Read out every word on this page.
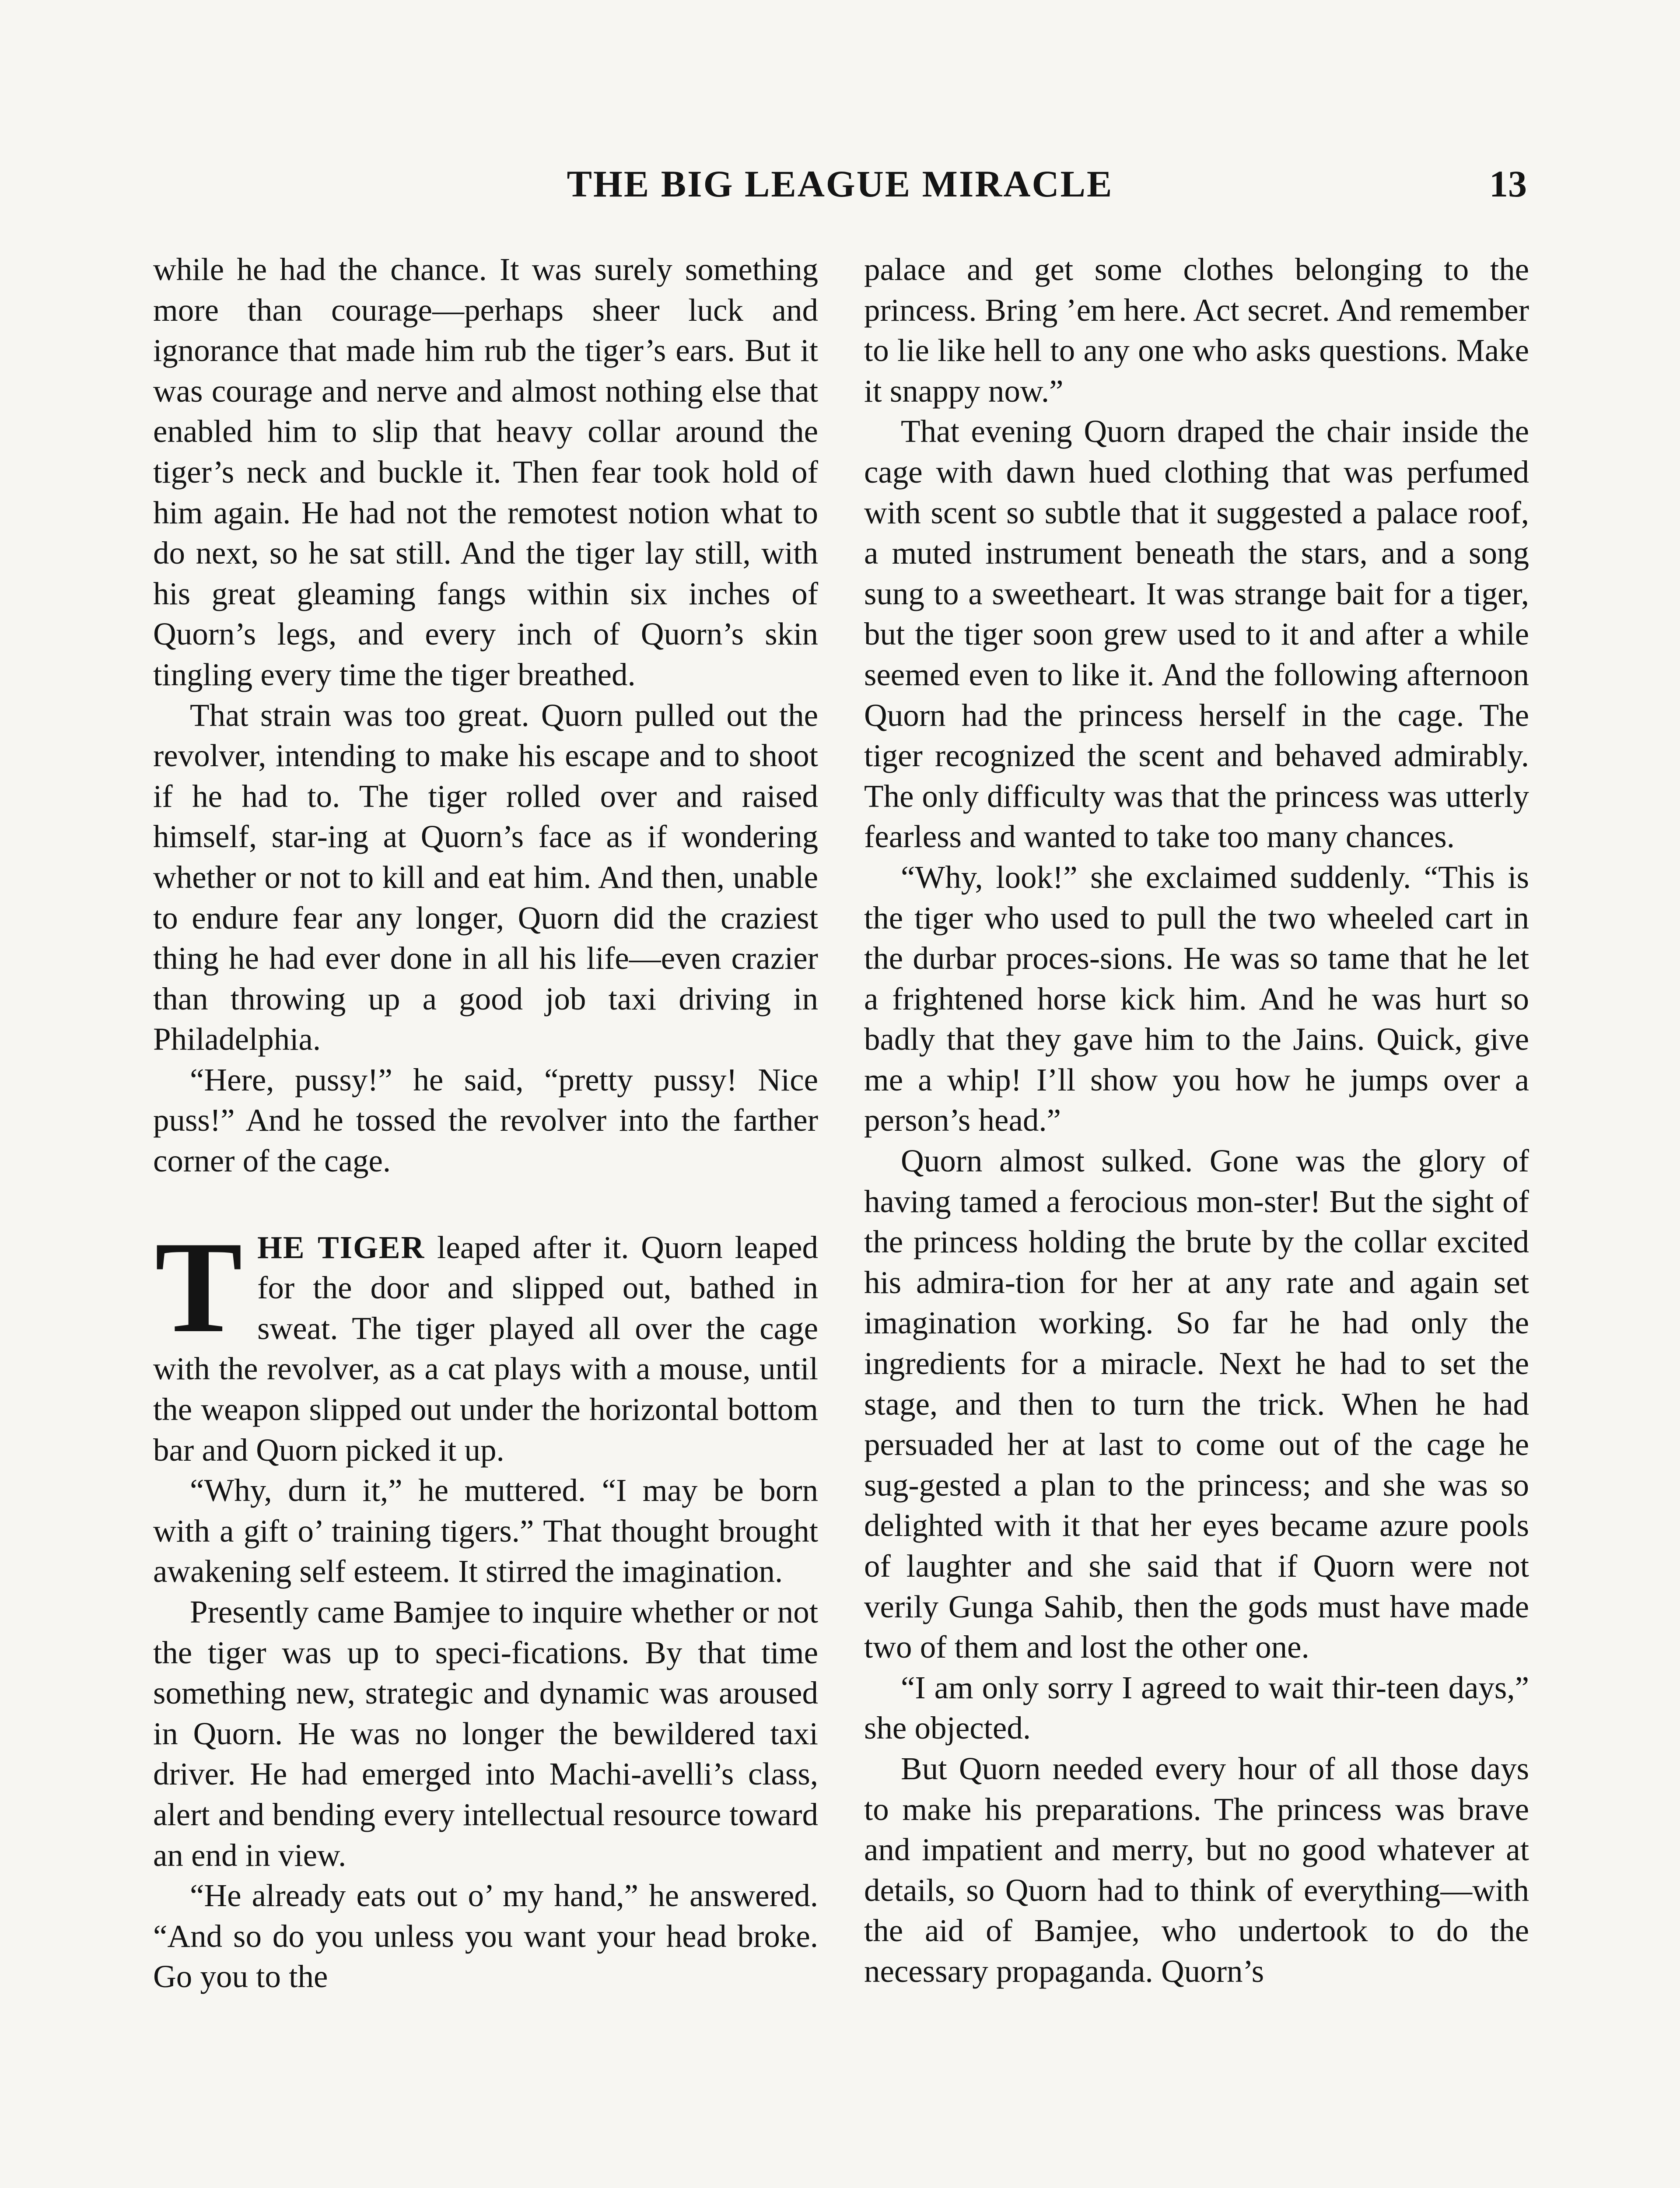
THE BIG LEAGUE MIRACLE	13

while he had the chance. It was surely something more than courage—perhaps sheer luck and ignorance that made him rub the tiger’s ears. But it was courage and nerve and almost nothing else that enabled him to slip that heavy collar around the tiger’s neck and buckle it. Then fear took hold of him again. He had not the remotest notion what to do next, so he sat still. And the tiger lay still, with his great gleaming fangs within six inches of Quorn’s legs, and every inch of Quorn’s skin tingling every time the tiger breathed.

That strain was too great. Quorn pulled out the revolver, intending to make his escape and to shoot if he had to. The tiger rolled over and raised himself, star-ing at Quorn’s face as if wondering whether or not to kill and eat him. And then, unable to endure fear any longer, Quorn did the craziest thing he had ever done in all his life—even crazier than throwing up a good job taxi driving in Philadelphia.

“Here, pussy!” he said, “pretty pussy! Nice puss!” And he tossed the revolver into the farther corner of the cage.

THE TIGER leaped after it. Quorn leaped for the door and slipped out, bathed in sweat. The tiger played all over the cage with the revolver, as a cat plays with a mouse, until the weapon slipped out under the horizontal bottom bar and Quorn picked it up.

“Why, durn it,” he muttered. “I may be born with a gift o’ training tigers.” That thought brought awakening self esteem. It stirred the imagination.

Presently came Bamjee to inquire whether or not the tiger was up to speci-fications. By that time something new, strategic and dynamic was aroused in Quorn. He was no longer the bewildered taxi driver. He had emerged into Machi-avelli’s class, alert and bending every intellectual resource toward an end in view.

“He already eats out o’ my hand,” he answered. “And so do you unless you want your head broke. Go you to the

palace and get some clothes belonging to the princess. Bring ’em here. Act secret. And remember to lie like hell to any one who asks questions. Make it snappy now.”

That evening Quorn draped the chair inside the cage with dawn hued clothing that was perfumed with scent so subtle that it suggested a palace roof, a muted instrument beneath the stars, and a song sung to a sweetheart. It was strange bait for a tiger, but the tiger soon grew used to it and after a while seemed even to like it. And the following afternoon Quorn had the princess herself in the cage. The tiger recognized the scent and behaved admirably. The only difficulty was that the princess was utterly fearless and wanted to take too many chances.

“Why, look!” she exclaimed suddenly. “This is the tiger who used to pull the two wheeled cart in the durbar proces-sions. He was so tame that he let a frightened horse kick him. And he was hurt so badly that they gave him to the Jains. Quick, give me a whip! I’ll show you how he jumps over a person’s head.”

Quorn almost sulked. Gone was the glory of having tamed a ferocious mon-ster! But the sight of the princess holding the brute by the collar excited his admira-tion for her at any rate and again set imagination working. So far he had only the ingredients for a miracle. Next he had to set the stage, and then to turn the trick. When he had persuaded her at last to come out of the cage he sug-gested a plan to the princess; and she was so delighted with it that her eyes became azure pools of laughter and she said that if Quorn were not verily Gunga Sahib, then the gods must have made two of them and lost the other one.

“I am only sorry I agreed to wait thir-teen days,” she objected.

But Quorn needed every hour of all those days to make his preparations. The princess was brave and impatient and merry, but no good whatever at details, so Quorn had to think of everything—with the aid of Bamjee, who undertook to do the necessary propaganda. Quorn’s
